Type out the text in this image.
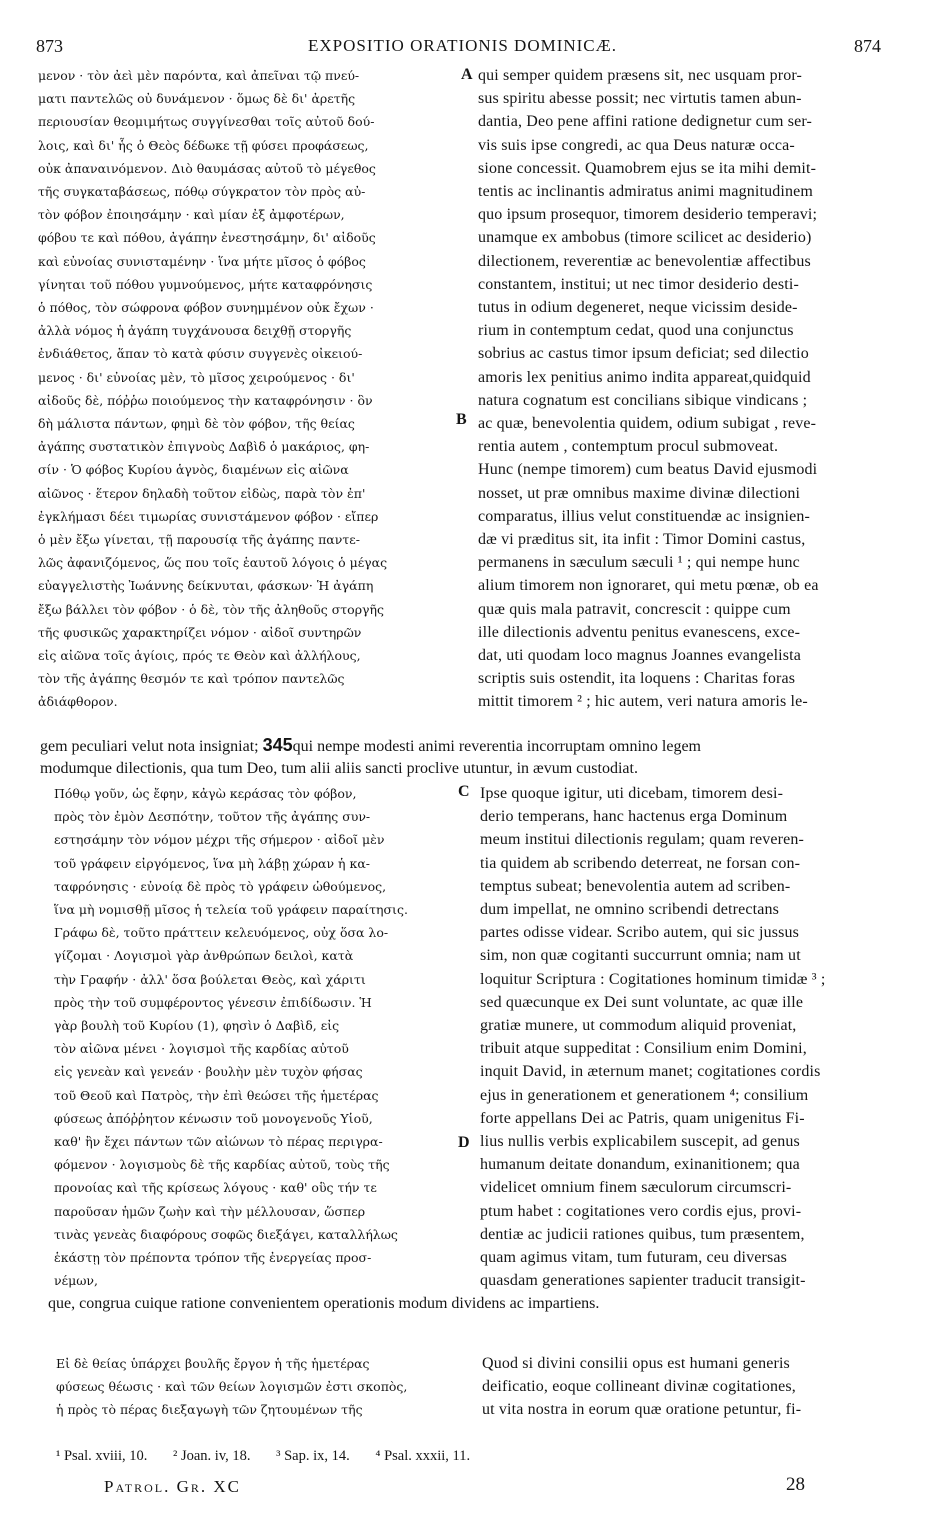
873	EXPOSITIO ORATIONIS DOMINICÆ.	874
μενον · τὸν ἀεὶ μὲν παρόντα, καὶ ἀπεῖναι τῷ πνεύ-
ματι παντελῶς οὐ δυνάμενον · ὅμως δὲ δι' ἀρετῆς
περιουσίαν θεομιμήτως συγγίνεσθαι τοῖς αὐτοῦ δού-
λοις, καὶ δι' ἧς ὁ Θεὸς δέδωκε τῇ φύσει προφάσεως,
οὐκ ἀπαναινόμενον. Διὸ θαυμάσας αὐτοῦ τὸ μέγεθος
τῆς συγκαταβάσεως, πόθῳ σύγκρατον τὸν πρὸς αὐ-
τὸν φόβον ἐποιησάμην · καὶ μίαν ἐξ ἀμφοτέρων,
φόβου τε καὶ πόθου, ἀγάπην ἐνεστησάμην, δι' αἰδοῦς
καὶ εὐνοίας συνισταμένην · ἵνα μήτε μῖσος ὁ φόβος
γίνηται τοῦ πόθου γυμνούμενος, μήτε καταφρόνησις
ὁ πόθος, τὸν σώφρονα φόβον συνημμένον οὐκ ἔχων ·
ἀλλὰ νόμος ἡ ἀγάπη τυγχάνουσα δειχθῇ στοργῆς
ἐνδιάθετος, ἅπαν τὸ κατὰ φύσιν συγγενὲς οἰκειού-
μενος · δι' εὐνοίας μὲν, τὸ μῖσος χειρούμενος · δι'
αἰδοῦς δὲ, πόῤῥω ποιούμενος τὴν καταφρόνησιν · ὃν
δὴ μάλιστα πάντων, φημὶ δὲ τὸν φόβον, τῆς θείας
ἀγάπης συστατικὸν ἐπιγνοὺς Δαβὶδ ὁ μακάριος, φη-
σίν · Ὁ φόβος Κυρίου ἁγνὸς, διαμένων εἰς αἰῶνα
αἰῶνος · ἕτερον δηλαδὴ τοῦτον εἰδὼς, παρὰ τὸν ἐπ'
ἐγκλήμασι δέει τιμωρίας συνιστάμενον φόβον · εἴπερ
ὁ μὲν ἔξω γίνεται, τῇ παρουσίᾳ τῆς ἀγάπης παντε-
λῶς ἀφανιζόμενος, ὥς που τοῖς ἑαυτοῦ λόγοις ὁ μέγας
εὐαγγελιστὴς Ἰωάννης δείκνυται, φάσκων· Ἡ ἀγάπη
ἔξω βάλλει τὸν φόβον · ὁ δὲ, τὸν τῆς ἀληθοῦς στοργῆς
τῆς φυσικῶς χαρακτηρίζει νόμον · αἰδοῖ συντηρῶν
εἰς αἰῶνα τοῖς ἁγίοις, πρός τε Θεὸν καὶ ἀλλήλους,
τὸν τῆς ἀγάπης θεσμόν τε καὶ τρόπον παντελῶς
ἀδιάφθορον.
qui semper quidem præsens sit, nec usquam pror-
sus spiritu abesse possit; nec virtutis tamen abun-
dantia, Deo pene affini ratione dedignetur cum ser-
vis suis ipse congredi, ac qua Deus naturæ occa-
sione concessit. Quamobrem ejus se ita mihi demit-
tentis ac inclinantis admiratus animi magnitudinem
quo ipsum prosequor, timorem desiderio temperavi;
unamque ex ambobus (timore scilicet ac desiderio)
dilectionem, reverentiæ ac benevolentiæ affectibus
constantem, institui; ut nec timor desiderio desti-
tutus in odium degeneret, neque vicissim deside-
rium in contemptum cedat, quod una conjunctus
sobrius ac castus timor ipsum deficiat; sed dilectio
amoris lex penitius animo indita appareat,quidquid
natura cognatum est concilians sibique vindicans ;
ac quæ, benevolentia quidem, odium subigat , reve-
rentia autem , contemptum procul submoveat.
Hunc (nempe timorem) cum beatus David ejusmodi
nosset, ut præ omnibus maxime divinæ dilectioni
comparatus, illius velut constituendæ ac insignien-
dæ vi præditus sit, ita infit : Timor Domini castus,
permanens in sæculum sæculi ¹ ; qui nempe hunc
alium timorem non ignoraret, qui metu pœnæ, ob ea
quæ quis mala patravit, concrescit : quippe cum
ille dilectionis adventu penitus evanescens, exce-
dat, uti quodam loco magnus Joannes evangelista
scriptis suis ostendit, ita loquens : Charitas foras
mittit timorem ² ; hic autem, veri natura amoris le-
A
B
gem peculiari velut nota insigniat; 345qui nempe modesti animi reverentia incorruptam omnino legem
modumque dilectionis, qua tum Deo, tum alii aliis sancti proclive utuntur, in ævum custodiat.
Πόθῳ γοῦν, ὡς ἔφην, κἀγὼ κεράσας τὸν φόβον,
πρὸς τὸν ἐμὸν Δεσπότην, τοῦτον τῆς ἀγάπης συν-
εστησάμην τὸν νόμον μέχρι τῆς σήμερον · αἰδοῖ μὲν
τοῦ γράφειν εἰργόμενος, ἵνα μὴ λάβῃ χώραν ἡ κα-
ταφρόνησις · εὐνοίᾳ δὲ πρὸς τὸ γράφειν ὠθούμενος,
ἵνα μὴ νομισθῇ μῖσος ἡ τελεία τοῦ γράφειν παραίτησις.
Γράφω δὲ, τοῦτο πράττειν κελευόμενος, οὐχ ὅσα λο-
γίζομαι · Λογισμοὶ γὰρ ἀνθρώπων δειλοὶ, κατὰ
τὴν Γραφήν · ἀλλ' ὅσα βούλεται Θεὸς, καὶ χάριτι
πρὸς τὴν τοῦ συμφέροντος γένεσιν ἐπιδίδωσιν. Ἡ
γὰρ βουλὴ τοῦ Κυρίου (1), φησὶν ὁ Δαβὶδ, εἰς
τὸν αἰῶνα μένει · λογισμοὶ τῆς καρδίας αὐτοῦ
εἰς γενεὰν καὶ γενεάν · βουλὴν μὲν τυχὸν φήσας
τοῦ Θεοῦ καὶ Πατρὸς, τὴν ἐπὶ θεώσει τῆς ἡμετέρας
φύσεως ἀπόῤῥητον κένωσιν τοῦ μονογενοῦς Υἱοῦ,
καθ' ἣν ἔχει πάντων τῶν αἰώνων τὸ πέρας περιγρα-
φόμενον · λογισμοὺς δὲ τῆς καρδίας αὐτοῦ, τοὺς τῆς
προνοίας καὶ τῆς κρίσεως λόγους · καθ' οὓς τήν τε
παροῦσαν ἡμῶν ζωὴν καὶ τὴν μέλλουσαν, ὥσπερ
τινὰς γενεὰς διαφόρους σοφῶς διεξάγει, καταλλήλως
ἑκάστῃ τὸν πρέποντα τρόπον τῆς ἐνεργείας προσ-
νέμων,
Ipse quoque igitur, uti dicebam, timorem desi-
derio temperans, hanc hactenus erga Dominum
meum institui dilectionis regulam; quam reveren-
tia quidem ab scribendo deterreat, ne forsan con-
temptus subeat; benevolentia autem ad scriben-
dum impellat, ne omnino scribendi detrectans
partes odisse videar. Scribo autem, qui sic jussus
sim, non quæ cogitanti succurrunt omnia; nam ut
loquitur Scriptura : Cogitationes hominum timidæ ³ ;
sed quæcunque ex Dei sunt voluntate, ac quæ ille
gratiæ munere, ut commodum aliquid proveniat,
tribuit atque suppeditat : Consilium enim Domini,
inquit David, in æternum manet; cogitationes cordis
ejus in generationem et generationem ⁴; consilium
forte appellans Dei ac Patris, quam unigenitus Fi-
lius nullis verbis explicabilem suscepit, ad genus
humanum deitate donandum, exinanitionem; qua
videlicet omnium finem sæculorum circumscri-
ptum habet : cogitationes vero cordis ejus, provi-
dentiæ ac judicii rationes quibus, tum præsentem,
quam agimus vitam, tum futuram, ceu diversas
quasdam generationes sapienter traducit transigit-
C
D
que, congrua cuique ratione convenientem operationis modum dividens ac impartiens.
Εἰ δὲ θείας ὑπάρχει βουλῆς ἔργον ἡ τῆς ἡμετέρας
φύσεως θέωσις · καὶ τῶν θείων λογισμῶν ἐστι σκοπὸς,
ἡ πρὸς τὸ πέρας διεξαγωγὴ τῶν ζητουμένων τῆς
Quod si divini consilii opus est humani generis
deificatio, eoque collineant divinæ cogitationes,
ut vita nostra in eorum quæ oratione petuntur, fi-
¹ Psal. xviii, 10. ² Joan. iv, 18. ³ Sap. ix, 14. ⁴ Psal. xxxii, 11.
Patrol. Gr. XC	28
